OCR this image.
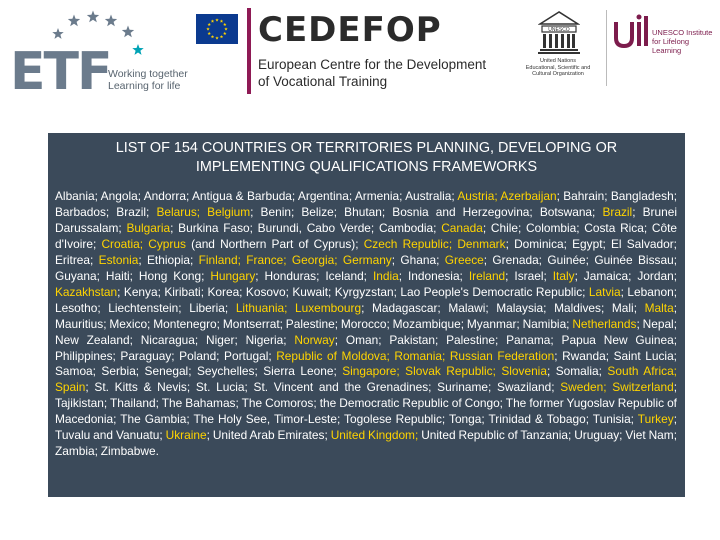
ETF
Working together
Learning for life
CEDEFOP
European Centre for the Development
of Vocational Training
UNESCO
United Nations
Educational, Scientific and
Cultural Organization
UNESCO Institute
for Lifelong Learning
LIST OF 154 COUNTRIES OR TERRITORIES PLANNING, DEVELOPING OR
IMPLEMENTING QUALIFICATIONS FRAMEWORKS
Albania; Angola; Andorra; Antigua & Barbuda; Argentina; Armenia; Australia; Austria; Azerbaijan; Bahrain; Bangladesh; Barbados; Brazil; Belarus; Belgium; Benin; Belize; Bhutan; Bosnia and Herzegovina; Botswana; Brazil; Brunei Darussalam; Bulgaria; Burkina Faso; Burundi, Cabo Verde; Cambodia; Canada; Chile; Colombia; Costa Rica; Côte d'Ivoire; Croatia; Cyprus (and Northern Part of Cyprus); Czech Republic; Denmark; Dominica; Egypt; El Salvador; Eritrea; Estonia; Ethiopia; Finland; France; Georgia; Germany; Ghana; Greece; Grenada; Guinée; Guinée Bissau; Guyana; Haiti; Hong Kong; Hungary; Honduras; Iceland; India; Indonesia; Ireland; Israel; Italy; Jamaica; Jordan; Kazakhstan; Kenya; Kiribati; Korea; Kosovo; Kuwait; Kyrgyzstan; Lao People's Democratic Republic; Latvia; Lebanon; Lesotho; Liechtenstein; Liberia; Lithuania; Luxembourg; Madagascar; Malawi; Malaysia; Maldives; Mali; Malta; Mauritius; Mexico; Montenegro; Montserrat; Palestine; Morocco; Mozambique; Myanmar; Namibia; Netherlands; Nepal; New Zealand; Nicaragua; Niger; Nigeria; Norway; Oman; Pakistan; Palestine; Panama; Papua New Guinea; Philippines; Paraguay; Poland; Portugal; Republic of Moldova; Romania; Russian Federation; Rwanda; Saint Lucia; Samoa; Serbia; Senegal; Seychelles; Sierra Leone; Singapore; Slovak Republic; Slovenia; Somalia; South Africa; Spain; St. Kitts & Nevis; St. Lucia; St. Vincent and the Grenadines; Suriname; Swaziland; Sweden; Switzerland; Tajikistan; Thailand; The Bahamas; The Comoros; the Democratic Republic of Congo; The former Yugoslav Republic of Macedonia; The Gambia; The Holy See, Timor-Leste; Togolese Republic; Tonga; Trinidad & Tobago; Tunisia; Turkey; Tuvalu and Vanuatu; Ukraine; United Arab Emirates; United Kingdom; United Republic of Tanzania; Uruguay; Viet Nam; Zambia; Zimbabwe.
